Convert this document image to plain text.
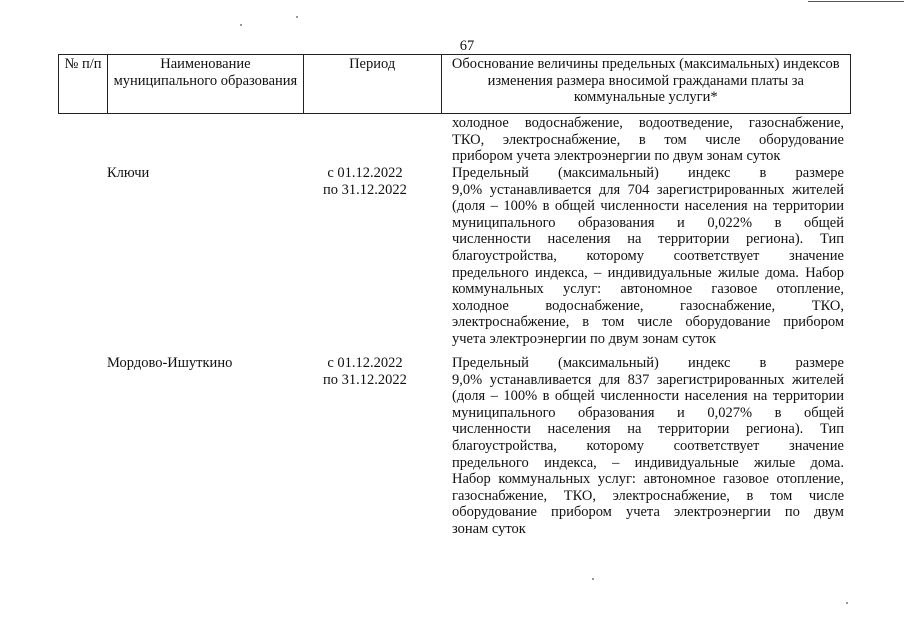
67
№ п/п	Наименование муниципального образования	Период	Обоснование величины предельных (максимальных) индексов изменения размера вносимой гражданами платы за коммунальные услуги*
холодное водоснабжение, водоотведение, газоснабжение,
ТКО, электроснабжение, в том числе оборудование
прибором учета электроэнергии по двум зонам суток
Ключи	с 01.12.2022
по 31.12.2022
Предельный (максимальный) индекс в размере
9,0% устанавливается для 704 зарегистрированных жителей
(доля – 100% в общей численности населения на территории
муниципального образования и 0,022% в общей
численности населения на территории региона). Тип
благоустройства, которому соответствует значение
предельного индекса, – индивидуальные жилые дома. Набор
коммунальных услуг: автономное газовое отопление,
холодное водоснабжение, газоснабжение, ТКО,
электроснабжение, в том числе оборудование прибором
учета электроэнергии по двум зонам суток
Мордово-Ишуткино	с 01.12.2022
по 31.12.2022
Предельный (максимальный) индекс в размере
9,0% устанавливается для 837 зарегистрированных жителей
(доля – 100% в общей численности населения на территории
муниципального образования и 0,027% в общей
численности населения на территории региона). Тип
благоустройства, которому соответствует значение
предельного индекса, – индивидуальные жилые дома.
Набор коммунальных услуг: автономное газовое отопление,
газоснабжение, ТКО, электроснабжение, в том числе
оборудование прибором учета электроэнергии по двум
зонам суток
